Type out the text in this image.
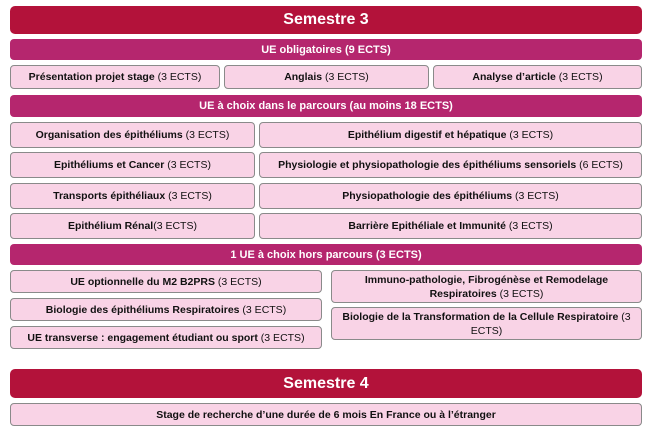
Semestre 3
UE obligatoires (9 ECTS)
Présentation projet stage (3 ECTS)	Anglais (3 ECTS)	Analyse d’article (3 ECTS)
UE à choix dans le parcours (au moins 18 ECTS)
Organisation des épithéliums (3 ECTS)	Epithélium digestif et hépatique (3 ECTS)
Epithéliums et Cancer (3 ECTS)	Physiologie et physiopathologie des épithéliums sensoriels (6 ECTS)
Transports épithéliaux (3 ECTS)	Physiopathologie des épithéliums (3 ECTS)
Epithélium Rénal(3 ECTS)	Barrière Epithéliale et Immunité (3 ECTS)
1 UE à choix hors parcours (3 ECTS)
UE optionnelle du M2 B2PRS (3 ECTS)	Immuno-pathologie, Fibrogénèse et Remodelage Respiratoires (3 ECTS)
Biologie des épithéliums Respiratoires (3 ECTS)
Biologie de la Transformation de la Cellule Respiratoire (3 ECTS)
UE transverse : engagement étudiant ou sport (3 ECTS)
Semestre 4
Stage de recherche d’une durée de 6 mois En France ou à l’étranger
